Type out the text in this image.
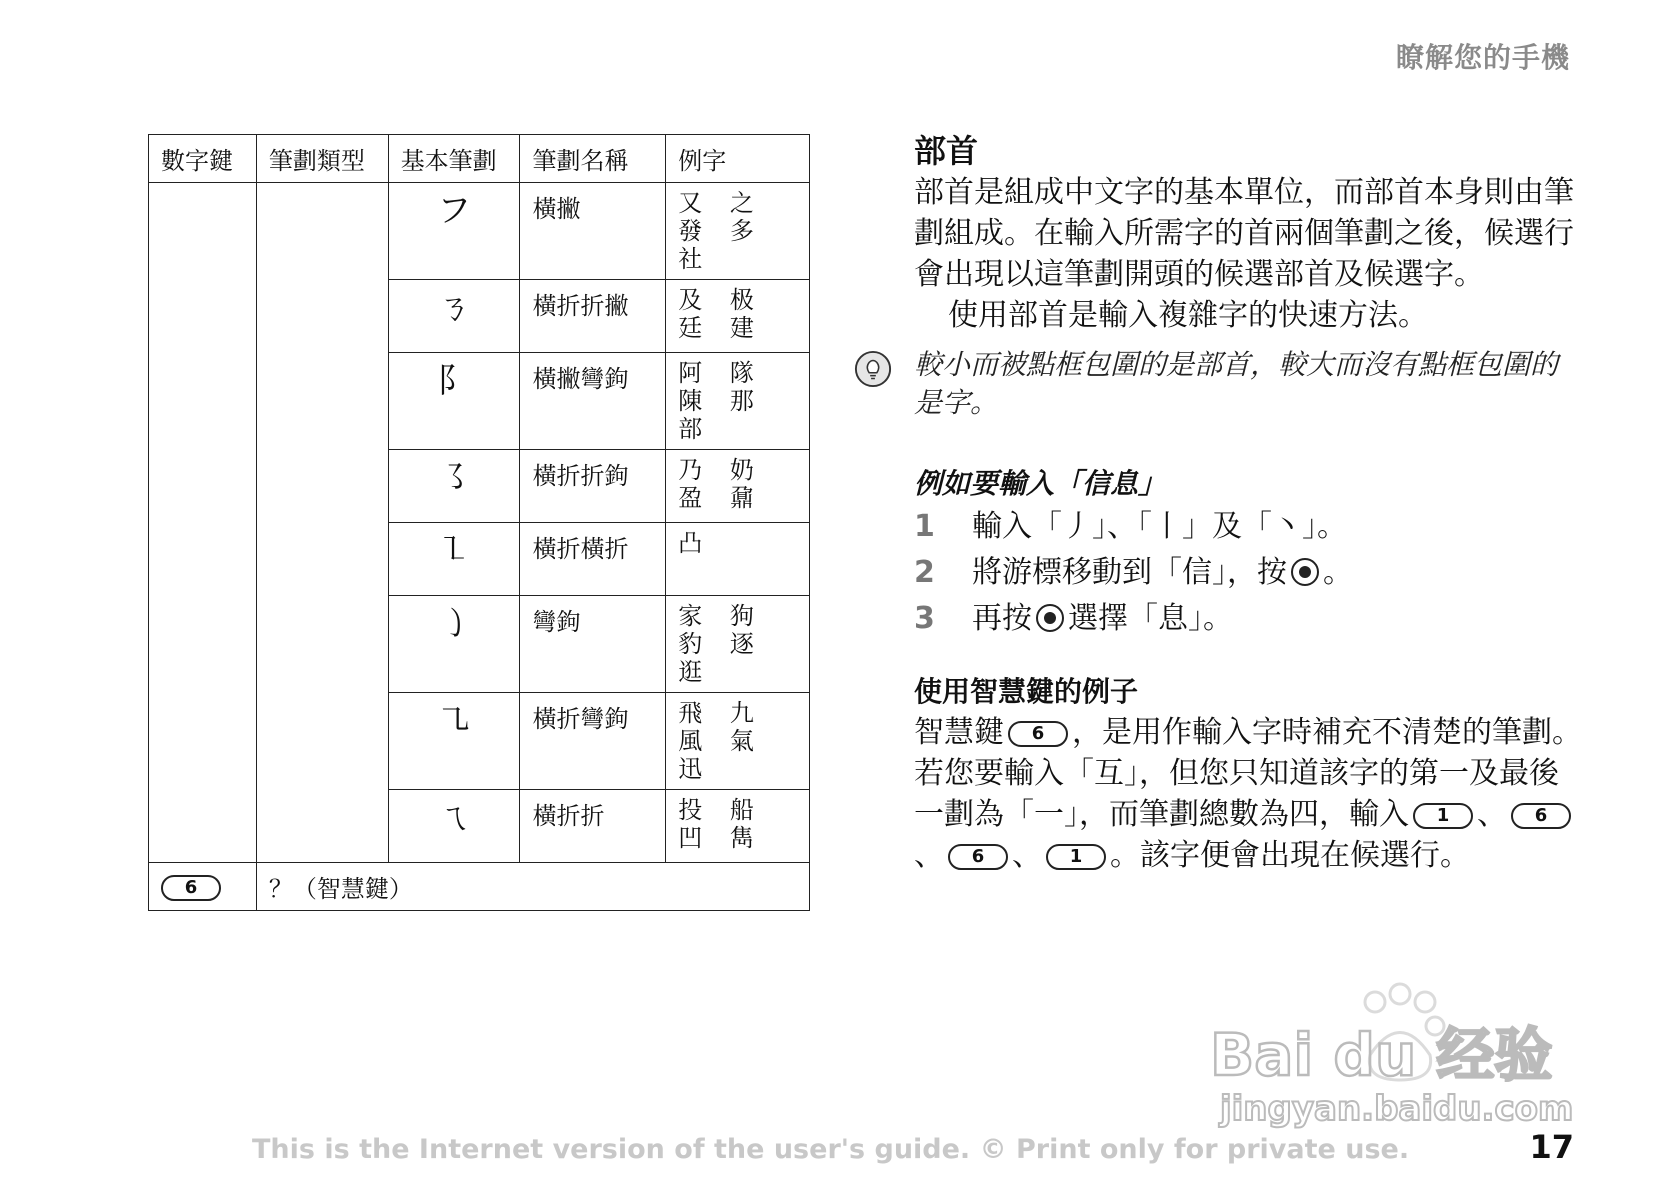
瞭解您的手機
數字鍵	筆劃類型	基本筆劃	筆劃名稱	例字
		フ	橫撇	又 之 發 多 社
		ㄋ	橫折折撇	及 极 廷 建
		⻖	橫撇彎鉤	阿 隊 陳 那 部
		㇌	橫折折鉤	乃 奶 盈 鼐
		㇅	橫折橫折	凸
		㇁	彎鉤	家 狗 豹 逐 逛
		㇈	橫折彎鉤	飛 九 風 氣 迅
		ㄟ	橫折折	投 船 凹 雋
6	？（智慧鍵）			
部首

部首是組成中文字的基本單位，而部首本身則由筆劃組成。在輸入所需字的首兩個筆劃之後，候選行會出現以這筆劃開頭的候選部首及候選字。

使用部首是輸入複雜字的快速方法。

較小而被點框包圍的是部首，較大而沒有點框包圍的是字。

例如要輸入「信息」
1 輸入「丿」、「丨」及「丶」。
2 將游標移動到「信」，按 。
3 再按 選擇「息」。
使用智慧鍵的例子

智慧鍵 6 ，是用作輸入字時補充不清楚的筆劃。若您要輸入「互」，但您只知道該字的第一及最後一劃為「一」，而筆劃總數為四，輸入 1 、 6、 6 、 1 。該字便會出現在候選行。

Bai du 经验
jingyan.baidu.com
This is the Internet version of the user's guide. © Print only for private use.	17
